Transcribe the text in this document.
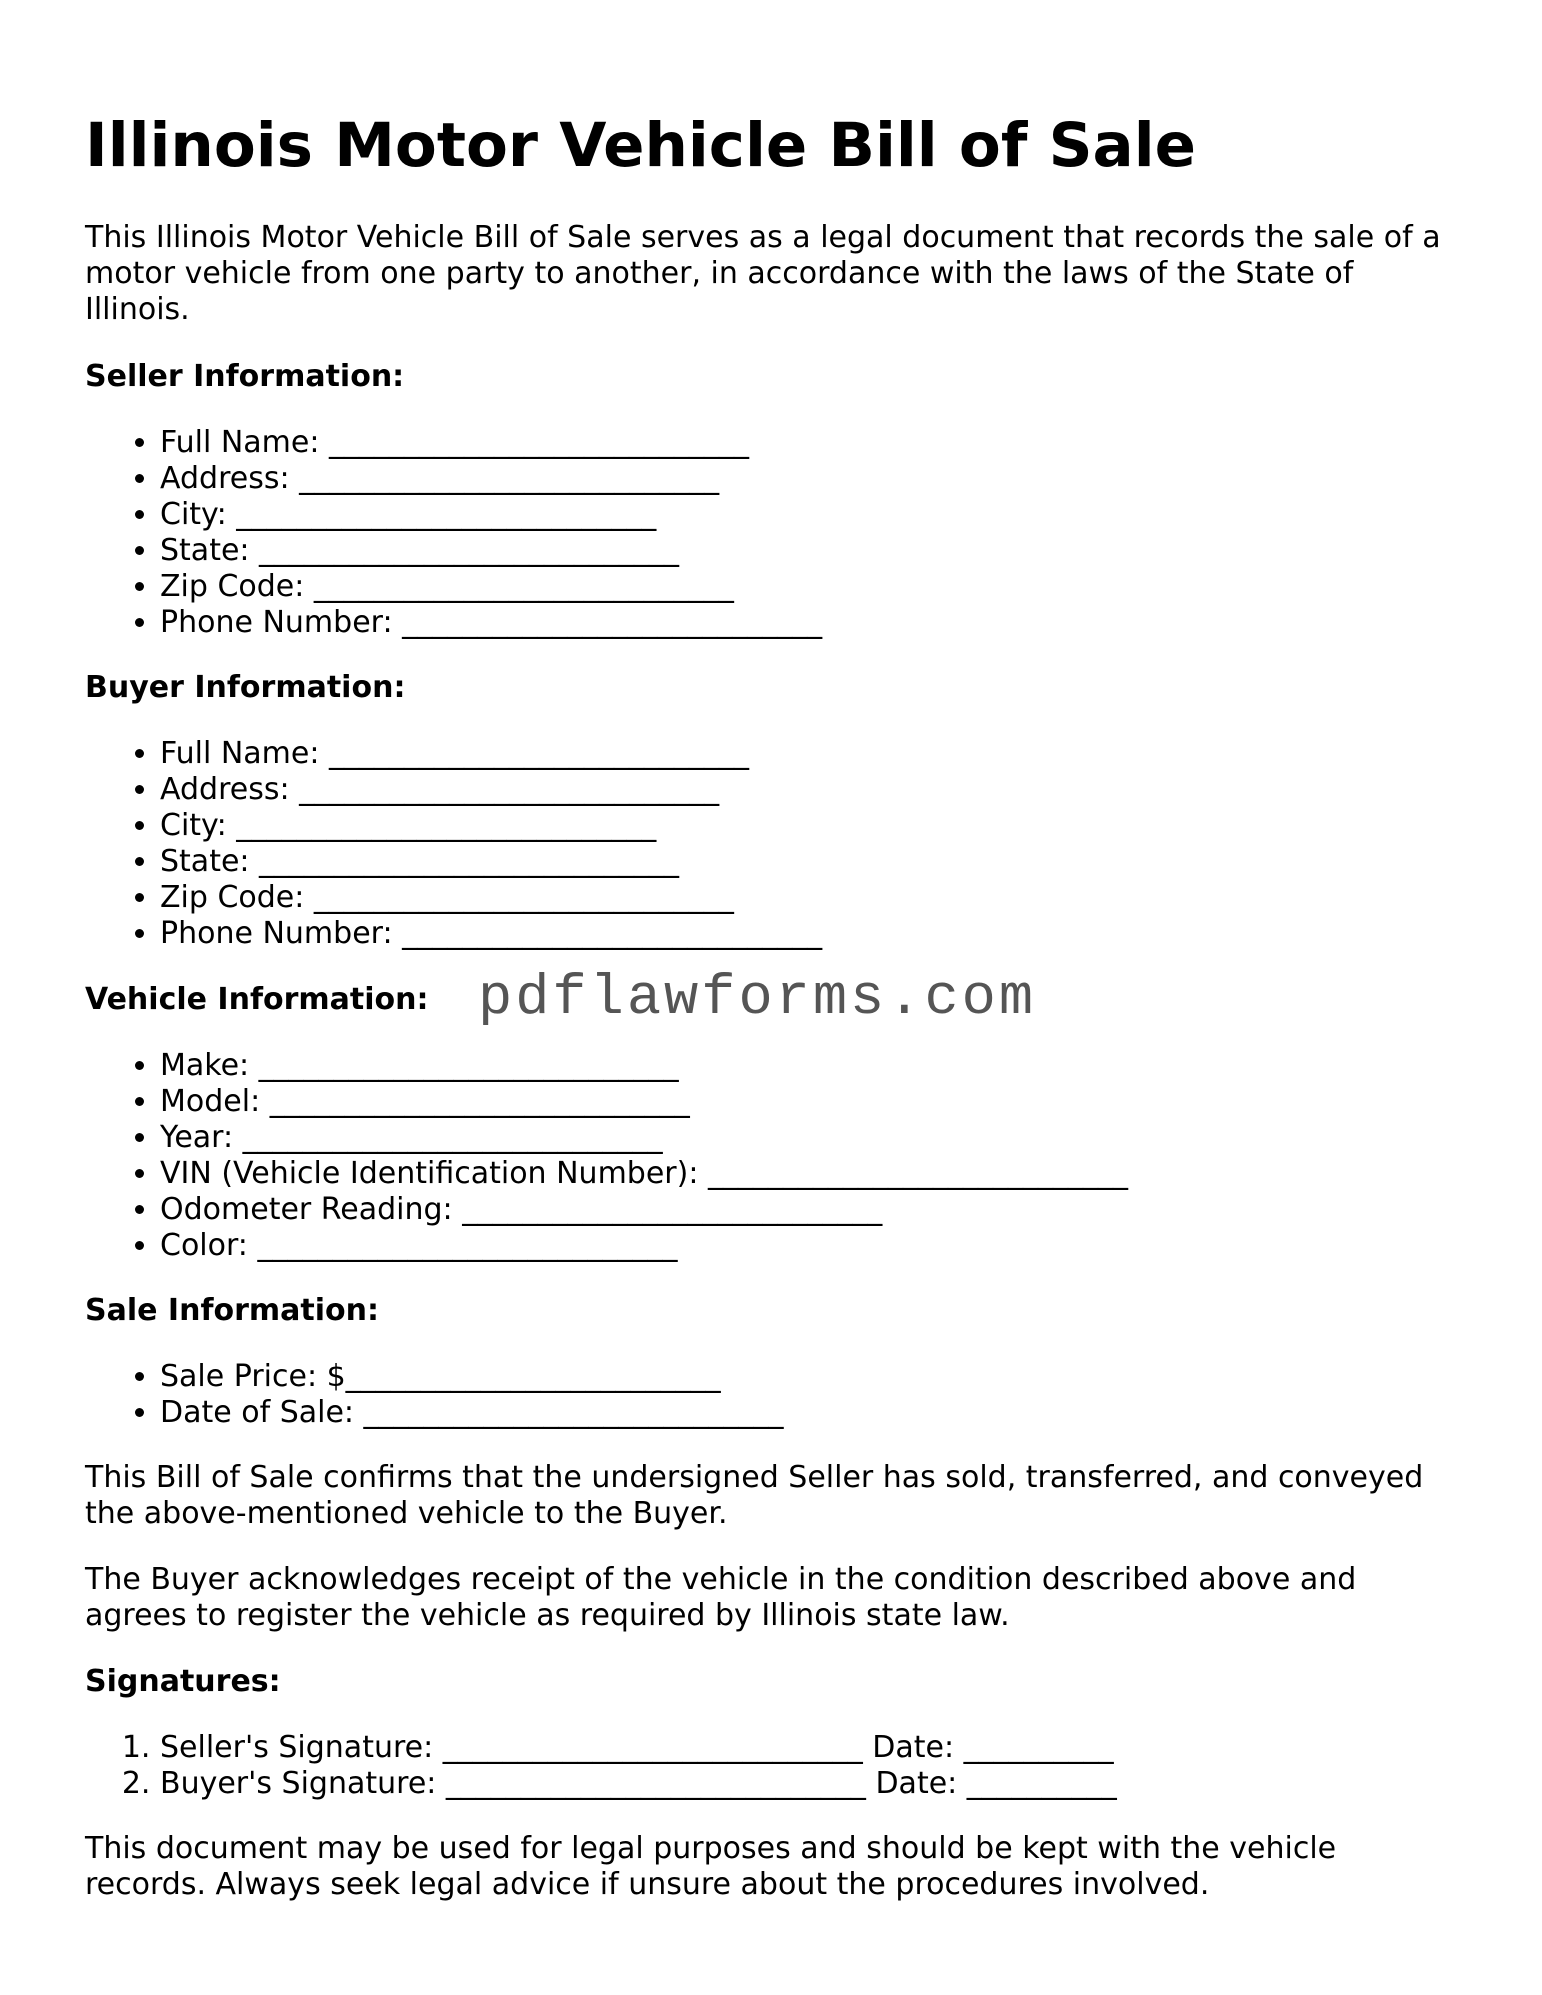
Illinois Motor Vehicle Bill of Sale

This Illinois Motor Vehicle Bill of Sale serves as a legal document that records the sale of a motor vehicle from one party to another, in accordance with the laws of the State of Illinois.

Seller Information:

• Full Name: ____________________________
• Address: ____________________________
• City: ____________________________
• State: ____________________________
• Zip Code: ____________________________
• Phone Number: ____________________________

Buyer Information:

• Full Name: ____________________________
• Address: ____________________________
• City: ____________________________
• State: ____________________________
• Zip Code: ____________________________
• Phone Number: ____________________________

Vehicle Information:

• Make: ____________________________
• Model: ____________________________
• Year: ____________________________
• VIN (Vehicle Identification Number): ____________________________
• Odometer Reading: ____________________________
• Color: ____________________________

Sale Information:

• Sale Price: $_________________________
• Date of Sale: ____________________________

This Bill of Sale confirms that the undersigned Seller has sold, transferred, and conveyed the above-mentioned vehicle to the Buyer.

The Buyer acknowledges receipt of the vehicle in the condition described above and agrees to register the vehicle as required by Illinois state law.

Signatures:

1. Seller's Signature: ____________________________ Date: __________
2. Buyer's Signature: ____________________________ Date: __________

This document may be used for legal purposes and should be kept with the vehicle records. Always seek legal advice if unsure about the procedures involved.

pdflawforms.com
